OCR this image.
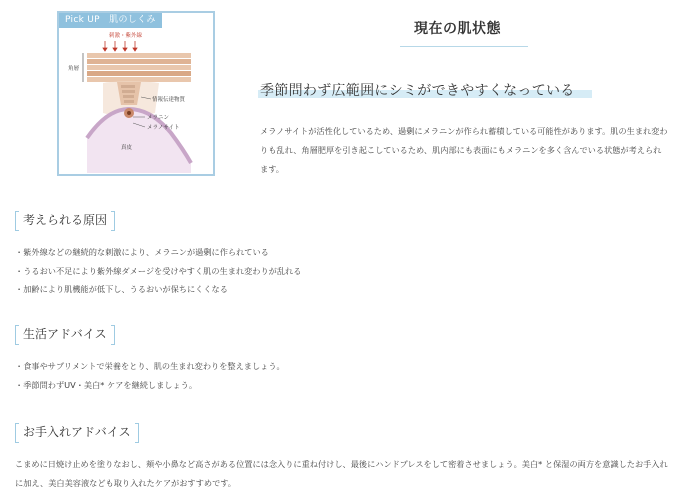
Pick UP　肌のしくみ
刺激・紫外線
角層
情報伝達物質
メラニン
メラノサイト
真皮
現在の肌状態
季節問わず広範囲にシミができやすくなっている
メラノサイトが活性化しているため、過剰にメラニンが作られ蓄積している可能性があります。肌の生まれ変わりも乱れ、角層肥厚を引き起こしているため、肌内部にも表面にもメラニンを多く含んでいる状態が考えられます。
考えられる原因
・紫外線などの継続的な刺激により、メラニンが過剰に作られている
・うるおい不足により紫外線ダメージを受けやすく肌の生まれ変わりが乱れる
・加齢により肌機能が低下し、うるおいが保ちにくくなる
生活アドバイス
・食事やサプリメントで栄養をとり、肌の生まれ変わりを整えましょう。
・季節問わずUV・美白* ケアを継続しましょう。
お手入れアドバイス
こまめに日焼け止めを塗りなおし、頬や小鼻など高さがある位置には念入りに重ね付けし、最後にハンドプレスをして密着させましょう。美白* と保湿の両方を意識したお手入れに加え、美白美容液なども取り入れたケアがおすすめです。
